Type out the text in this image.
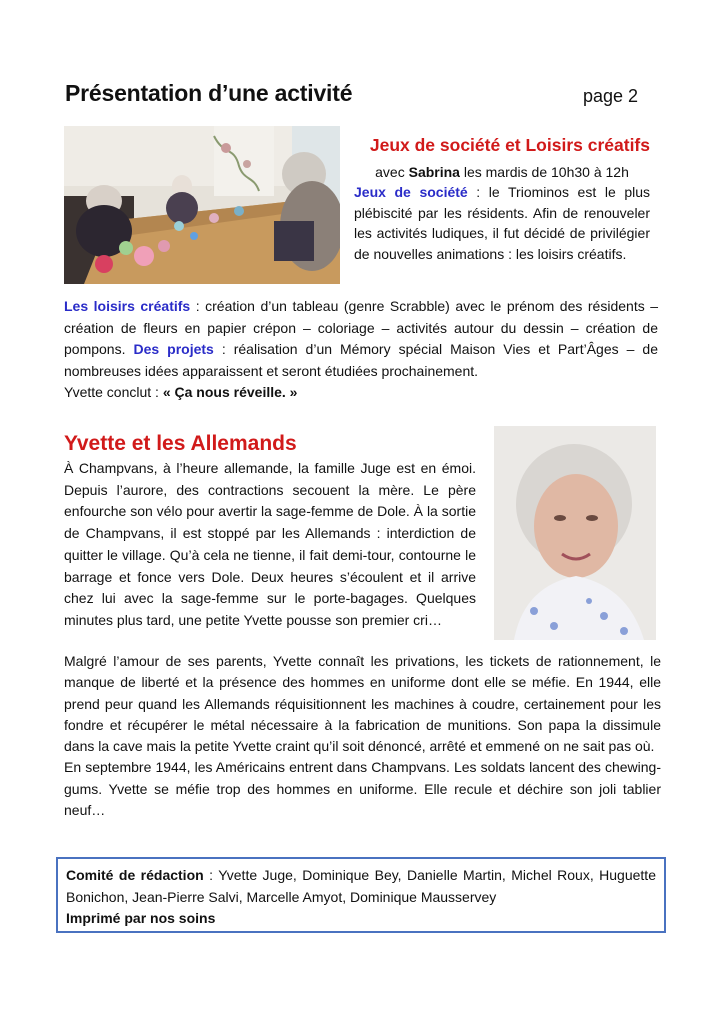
Présentation d’une activité	page 2

Jeux de société et Loisirs créatifs

avec Sabrina les mardis de 10h30 à 12h
Jeux de société : le Triominos est le plus plébiscité par les résidents. Afin de renouveler les activités ludiques, il fut décidé de privilégier de nouvelles animations : les loisirs créatifs.
Les loisirs créatifs : création d’un tableau (genre Scrabble) avec le prénom des résidents – création de fleurs en papier crépon – coloriage – activités autour du dessin – création de pompons. Des projets : réalisation d’un Mémory spécial Maison Vies et Part’Âges – de nombreuses idées apparaissent et seront étudiées prochainement.
Yvette conclut : « Ça nous réveille. »
Yvette et les Allemands

À Champvans, à l’heure allemande, la famille Juge est en émoi. Depuis l’aurore, des contractions secouent la mère. Le père enfourche son vélo pour avertir la sage-femme de Dole. À la sortie de Champvans, il est stoppé par les Allemands : interdiction de quitter le village. Qu’à cela ne tienne, il fait demi-tour, contourne le barrage et fonce vers Dole. Deux heures s’écoulent et il arrive chez lui avec la sage-femme sur le porte-bagages. Quelques minutes plus tard, une petite Yvette pousse son premier cri…

Malgré l’amour de ses parents, Yvette connaît les privations, les tickets de rationnement, le manque de liberté et la présence des hommes en uniforme dont elle se méfie. En 1944, elle prend peur quand les Allemands réquisitionnent les machines à coudre, certainement pour les fondre et récupérer le métal nécessaire à la fabrication de munitions. Son papa la dissimule dans la cave mais la petite Yvette craint qu’il soit dénoncé, arrêté et emmené on ne sait pas où.

En septembre 1944, les Américains entrent dans Champvans. Les soldats lancent des chewing-gums. Yvette se méfie trop des hommes en uniforme. Elle recule et déchire son joli tablier neuf…

Comité de rédaction : Yvette Juge, Dominique Bey, Danielle Martin, Michel Roux, Huguette Bonichon, Jean-Pierre Salvi, Marcelle Amyot, Dominique Mausservey
Imprimé par nos soins
